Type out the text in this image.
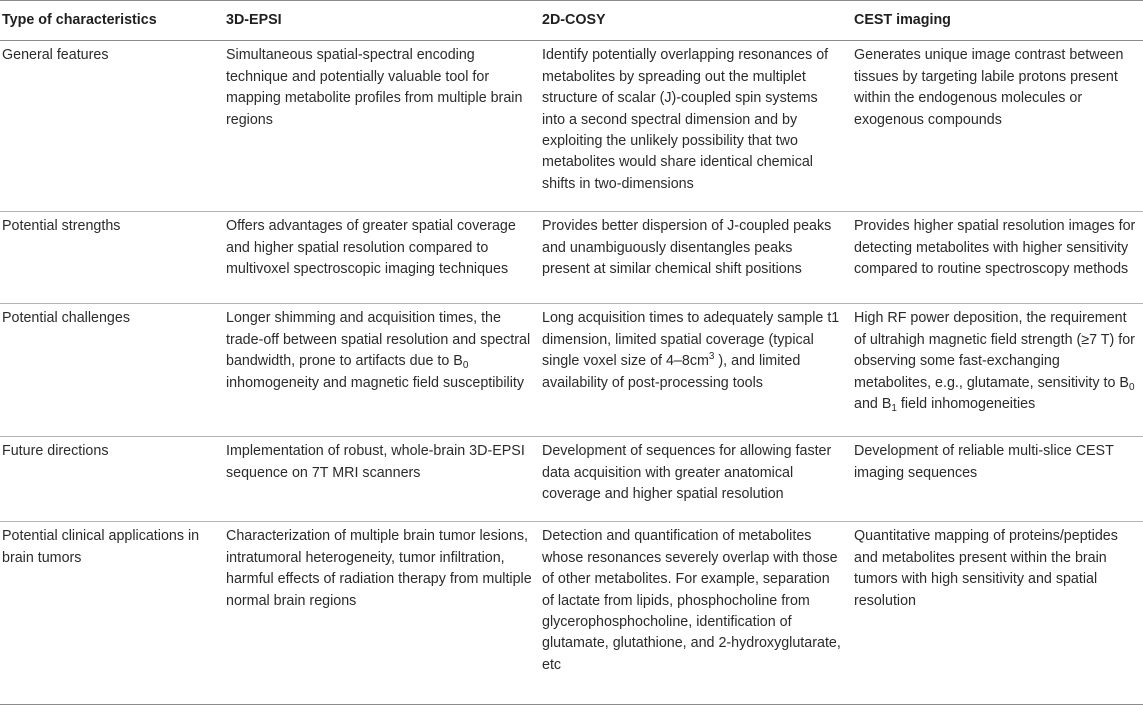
Type of characteristics	3D-EPSI	2D-COSY	CEST imaging
General features	Simultaneous spatial-spectral encoding technique and potentially valuable tool for mapping metabolite profiles from multiple brain regions	Identify potentially overlapping resonances of metabolites by spreading out the multiplet structure of scalar (J)-coupled spin systems into a second spectral dimension and by exploiting the unlikely possibility that two metabolites would share identical chemical shifts in two-dimensions	Generates unique image contrast between tissues by targeting labile protons present within the endogenous molecules or exogenous compounds
Potential strengths	Offers advantages of greater spatial coverage and higher spatial resolution compared to multivoxel spectroscopic imaging techniques	Provides better dispersion of J-coupled peaks and unambiguously disentangles peaks present at similar chemical shift positions	Provides higher spatial resolution images for detecting metabolites with higher sensitivity compared to routine spectroscopy methods
Potential challenges	Longer shimming and acquisition times, the trade-off between spatial resolution and spectral bandwidth, prone to artifacts due to $B_0$ inhomogeneity and magnetic field susceptibility	Long acquisition times to adequately sample t1 dimension, limited spatial coverage (typical single voxel size of $4-8cm^3$ ), and limited availability of post-processing tools	High RF power deposition, the requirement of ultrahigh magnetic field strength (≥7 T) for observing some fast-exchanging metabolites, e.g., glutamate, sensitivity to $B_0$ and $B_1$ field inhomogeneities
Future directions	Implementation of robust, whole-brain 3D-EPSI sequence on 7T MRI scanners	Development of sequences for allowing faster data acquisition with greater anatomical coverage and higher spatial resolution	Development of reliable multi-slice CEST imaging sequences
Potential clinical applications in brain tumors	Characterization of multiple brain tumor lesions, intratumoral heterogeneity, tumor infiltration, harmful effects of radiation therapy from multiple normal brain regions	Detection and quantification of metabolites whose resonances severely overlap with those of other metabolites. For example, separation of lactate from lipids, phosphocholine from glycerophosphocholine, identification of glutamate, glutathione, and 2-hydroxyglutarate, etc	Quantitative mapping of proteins/peptides and metabolites present within the brain tumors with high sensitivity and spatial resolution
